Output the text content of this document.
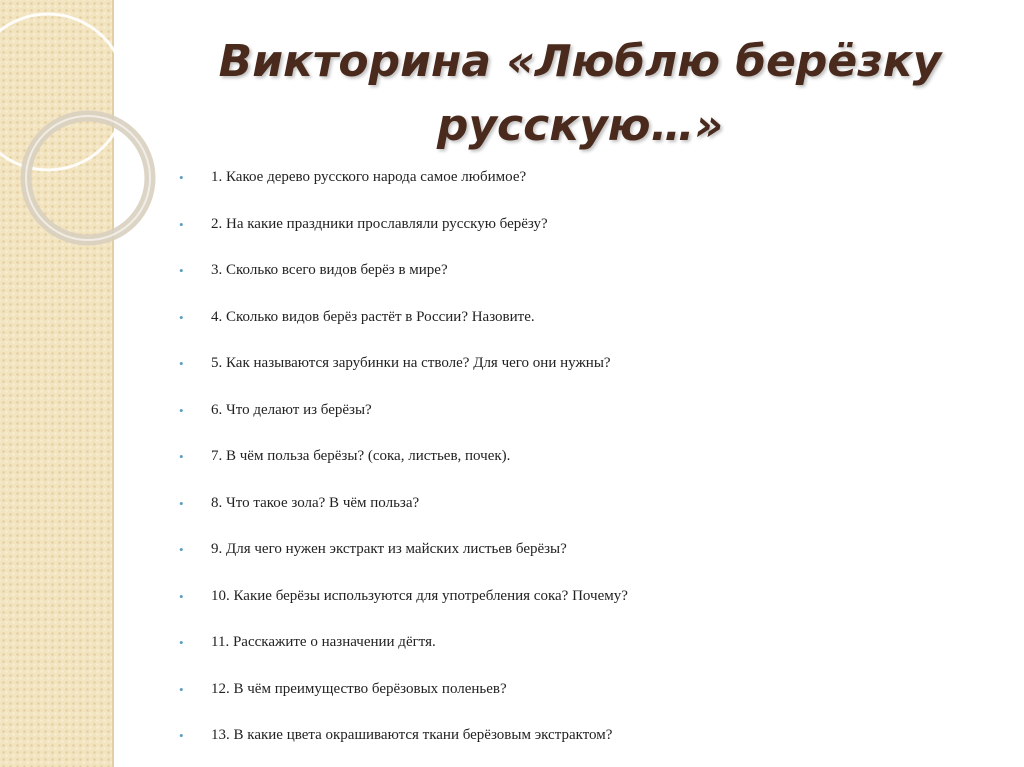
Викторина «Люблю берёзку русскую…»
•	1. Какое дерево русского народа самое любимое?
•	2. На какие праздники прославляли русскую берёзу?
•	3. Сколько всего видов берёз в мире?
•	4. Сколько видов берёз растёт в России? Назовите.
•	5. Как называются зарубинки на стволе? Для чего они нужны?
•	6. Что делают из берёзы?
•	7. В чём польза берёзы? (сока, листьев, почек).
•	8. Что такое зола? В чём польза?
•	9. Для чего нужен экстракт из майских листьев берёзы?
•	10. Какие берёзы используются для употребления сока? Почему?
•	11. Расскажите о назначении дёгтя.
•	12. В чём преимущество берёзовых поленьев?
•	13. В какие цвета окрашиваются ткани берёзовым экстрактом?
